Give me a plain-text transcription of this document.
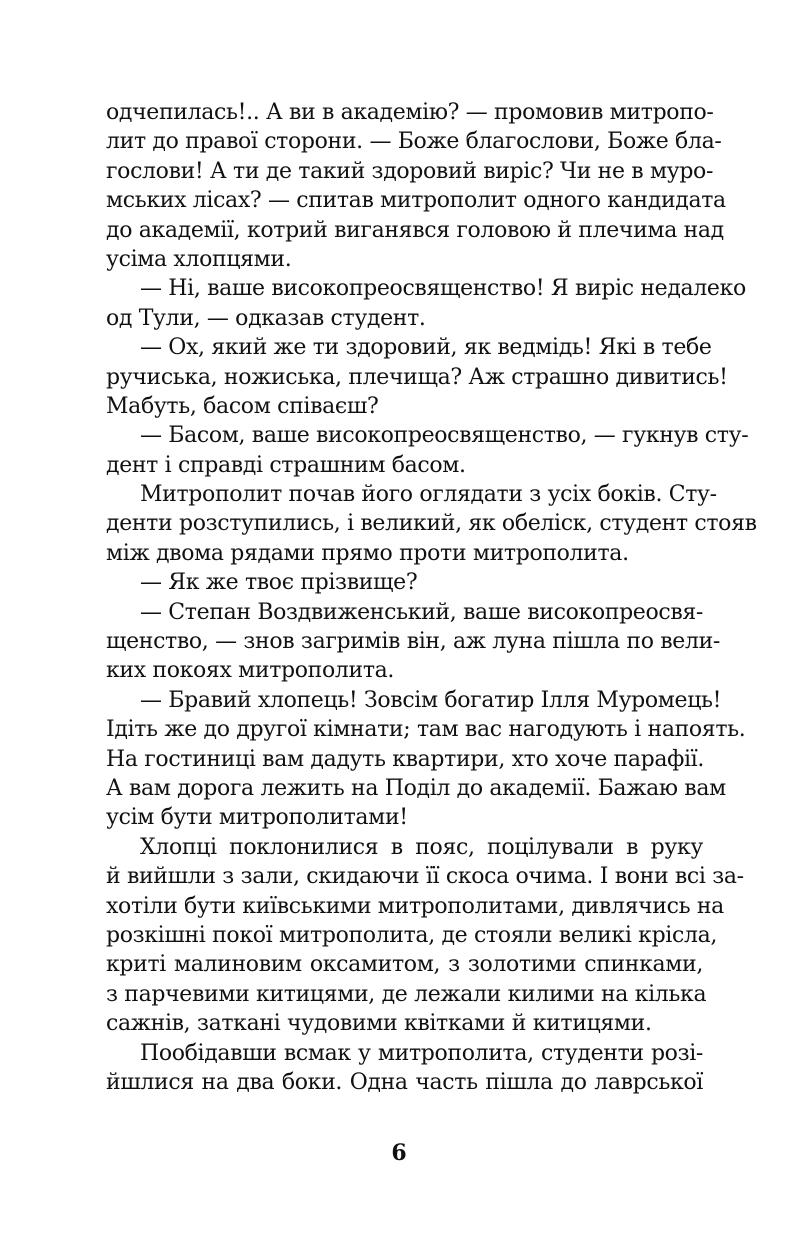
одчепилась!.. А ви в академію? — промовив митропо-
лит до правої сторони. — Боже благослови, Боже бла-
гослови! А ти де такий здоровий виріс? Чи не в муро-
мських лісах? — спитав митрополит одного кандидата
до академії, котрий виганявся головою й плечима над
усіма хлопцями.
— Ні, ваше високопреосвященство! Я виріс недалеко
од Тули, — одказав студент.
— Ох, який же ти здоровий, як ведмідь! Які в тебе
ручиська, ножиська, плечища? Аж страшно дивитись!
Мабуть, басом співаєш?
— Басом, ваше високопреосвященство, — гукнув сту-
дент і справді страшним басом.
Митрополит почав його оглядати з усіх боків. Сту-
денти розступились, і великий, як обеліск, студент стояв
між двома рядами прямо проти митрополита.
— Як же твоє прізвище?
— Степан Воздвиженський, ваше високопреосвя-
щенство, — знов загримів він, аж луна пішла по вели-
ких покоях митрополита.
— Бравий хлопець! Зовсім богатир Ілля Муромець!
Ідіть же до другої кімнати; там вас нагодують і напоять.
На гостиниці вам дадуть квартири, хто хоче парафії.
А вам дорога лежить на Поділ до академії. Бажаю вам
усім бути митрополитами!
Хлопці поклонилися в пояс, поцілували в руку
й вийшли з зали, скидаючи її скоса очима. І вони всі за-
хотіли бути київськими митрополитами, дивлячись на
розкішні покої митрополита, де стояли великі крісла,
криті малиновим оксамитом, з золотими спинками,
з парчевими китицями, де лежали килими на кілька
сажнів, заткані чудовими квітками й китицями.
Пообідавши всмак у митрополита, студенти розі-
йшлися на два боки. Одна часть пішла до лаврської
6
